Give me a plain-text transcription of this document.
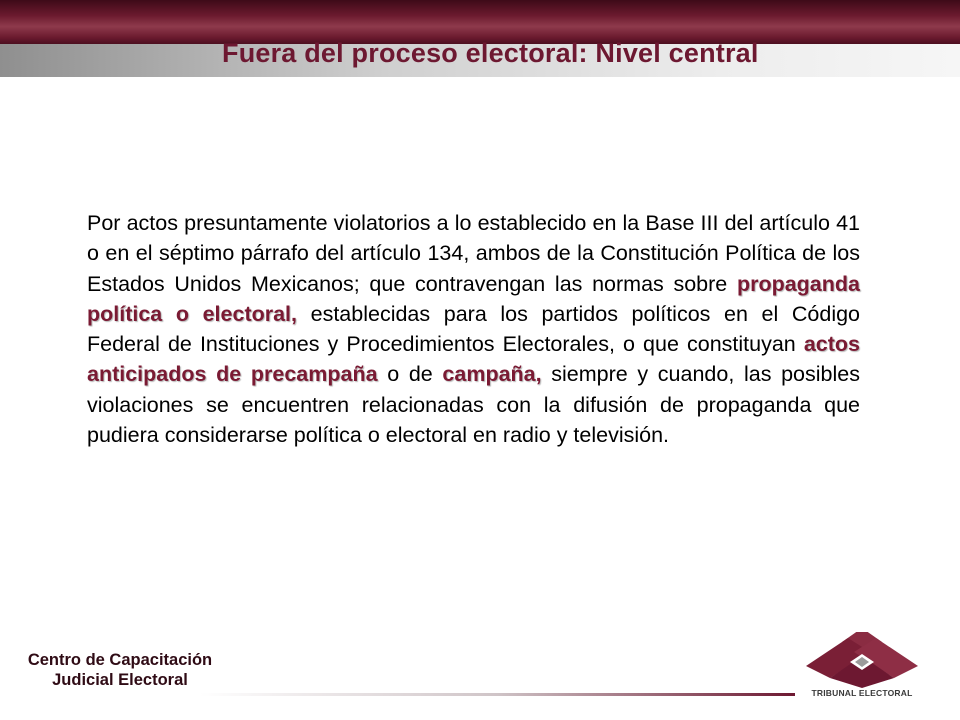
Fuera del proceso electoral: Nivel central
Por actos presuntamente violatorios a lo establecido en la Base III del artículo 41 o en el séptimo párrafo del artículo 134, ambos de la Constitución Política de los Estados Unidos Mexicanos; que contravengan las normas sobre propaganda política o electoral, establecidas para los partidos políticos en el Código Federal de Instituciones y Procedimientos Electorales, o que constituyan actos anticipados de precampaña o de campaña, siempre y cuando, las posibles violaciones se encuentren relacionadas con la difusión de propaganda que pudiera considerarse política o electoral en radio y televisión.
Centro de Capacitación
Judicial Electoral
TRIBUNAL ELECTORAL
